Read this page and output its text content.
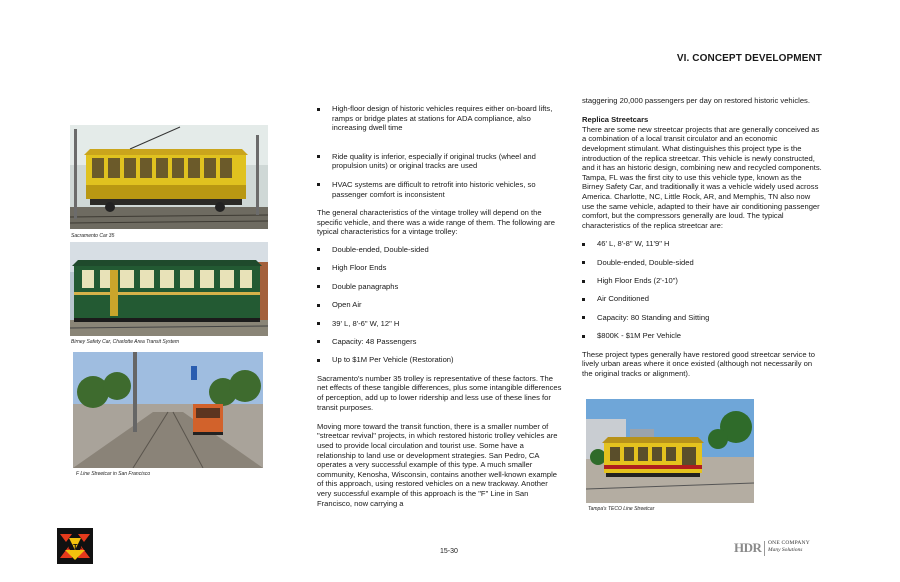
VI. CONCEPT DEVELOPMENT
Sacramento Car 35
Birney Safety Car, Charlotte Area Transit System
F Line Streetcar in San Francisco
High-floor design of historic vehicles requires either on-board lifts, ramps or bridge plates at stations for ADA compliance, also increasing dwell time
Ride quality is inferior, especially if original trucks (wheel and propulsion units) or original tracks are used
HVAC systems are difficult to retrofit into historic vehicles, so passenger comfort is inconsistent

The general characteristics of the vintage trolley will depend on the specific vehicle, and there was a wide range of them. The following are typical characteristics for a vintage trolley:

Double-ended, Double-sided
High Floor Ends
Double panagraphs
Open Air
39' L, 8'-6" W, 12" H
Capacity: 48 Passengers
Up to $1M Per Vehicle (Restoration)

Sacramento's number 35 trolley is representative of these factors. The net effects of these tangible differences, plus some intangible differences of perception, add up to lower ridership and less use of these lines for transit purposes.

Moving more toward the transit function, there is a smaller number of "streetcar revival" projects, in which restored historic trolley vehicles are used to provide local circulation and tourist use. Some have a relationship to land use or development strategies. San Pedro, CA operates a very successful example of this type. A much smaller community, Kenosha, Wisconsin, contains another well-known example of this approach, using restored vehicles on a new trackway. Another very successful example of this approach is the "F" Line in San Francisco, now carrying a

staggering 20,000 passengers per day on restored historic vehicles.

Replica Streetcars

There are some new streetcar projects that are generally conceived as a combination of a local transit circulator and an economic development stimulant. What distinguishes this project type is the introduction of the replica streetcar. This vehicle is newly constructed, and it has an historic design, combining new and recycled components. Tampa, FL was the first city to use this vehicle type, known as the Birney Safety Car, and traditionally it was a vehicle widely used across America. Charlotte, NC, Little Rock, AR, and Memphis, TN also now use the same vehicle, adapted to their have air conditioning passenger comfort, but the compressors generally are loud. The typical characteristics of the replica streetcar are:

46' L, 8'-8" W, 11'9" H
Double-ended, Double-sided
High Floor Ends (2'-10")
Air Conditioned
Capacity: 80 Standing and Sitting
$800K - $1M Per Vehicle

These project types generally have restored good streetcar service to lively urban areas where it once existed (although not necessarily on the original tracks or alignment).

Tampa's TECO Line Streetcar
RTA
15-30	HDR ONE COMPANY
Many Solutions
